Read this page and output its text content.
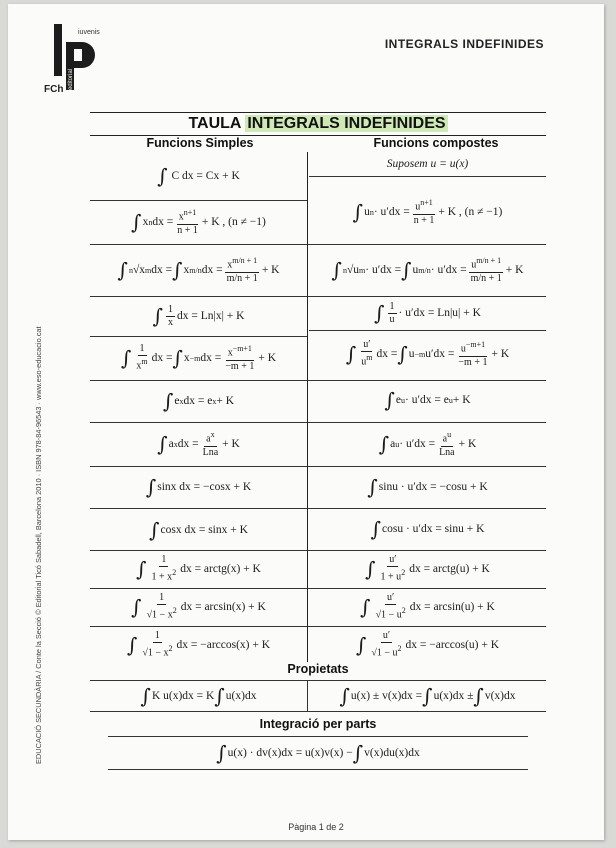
iuvenis
FCh editorial
INTEGRALS INDEFINIDES
EDUCACIÓ SECUNDÀRIA / Conte la Secció © Editorial Ticó Sabadell, Barcelona 2010 · ISBN 978-84-96543 · www.eso-educacio.cat
TAULA INTEGRALS INDEFINIDES
Funcions Simples	Funcions compostes
∫ C dx = Cx + K
Suposem u = u(x)
∫ x n dx = $\frac{x^{n+1}}{n + 1} + K$ , (n ≠ −1)	∫ u $n \cdot u'dx = \frac{u^{n+1}}{n + 1} + K$ , (n ≠ −1)
∫ n √x m dx = ∫ x m/n dx = $\frac{x^{m/n + 1}}{m/n + 1} + K$	∫ n √u m · u′dx = ∫ u $m/n \cdot u'dx = \frac{u^{m/n + 1}}{m/n + 1} + K$
∫ $\frac{1}{x}$ dx = Ln|x| + K	∫ $\frac{1}{u} \cdot u'dx = Ln|u| + K$
∫ $\frac{1}{x^m}$ dx = ∫ x −m dx = $\frac{x^{-m+1}}{-m + 1} + K$	∫ $\frac{u'}{u^m}$ dx = ∫ u −m $u'dx = \frac{u^{-m+1}}{-m + 1} + K$
∫ e x dx = e x + K	∫ e u · u′dx = e u + K
∫ a x dx = $\frac{a^x}{\text{Lna}} + K$	∫ a $u \cdot u'dx = \frac{a^u}{\text{Lna}} + K$
∫ sinx dx = −cosx + K	∫ sinu · u′dx = −cosu + K
∫ cosx dx = sinx + K	∫ cosu · u′dx = sinu + K
∫ $\frac{1}{1 + x^2}$ dx = arctg(x) + K	∫ $\frac{u'}{1 + u^2}$ dx = arctg(u) + K
∫ $\frac{1}{√1 - x^2}$ dx = arcsin(x) + K	∫ $\frac{u'}{√1 - u^2}$ dx = arcsin(u) + K
∫ $\frac{1}{√1 - x^2}$ dx = −arccos(x) + K	∫ $\frac{u'}{√1 - u^2}$ dx = −arccos(u) + K
Propietats
∫ K u(x)dx = K ∫ u(x)dx	∫ u(x) ± v(x)dx = ∫ u(x)dx ± ∫ v(x)dx
Integració per parts
∫ u(x) · dv(x)dx = u(x)v(x) − ∫ v(x)du(x)dx
Pàgina 1 de 2
